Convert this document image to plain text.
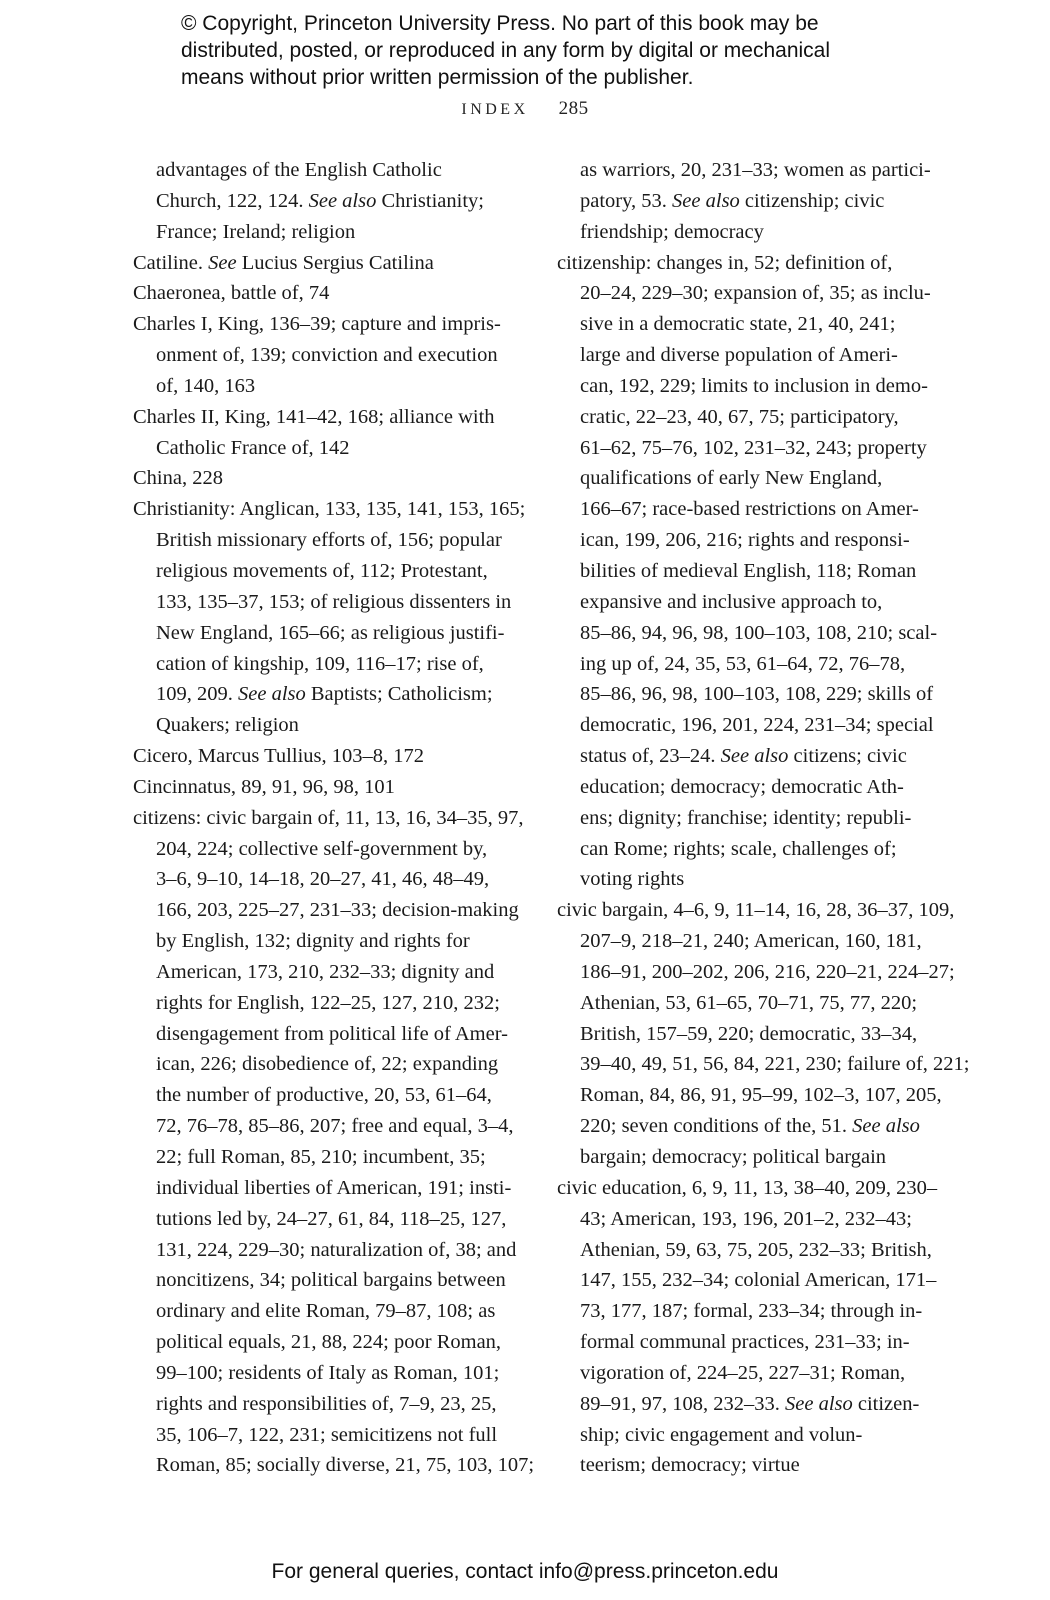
© Copyright, Princeton University Press. No part of this book may be
distributed, posted, or reproduced in any form by digital or mechanical
means without prior written permission of the publisher.
INDEX 285
advantages of the English Catholic
Church, 122, 124. See also Christianity;
France; Ireland; religion
Catiline. See Lucius Sergius Catilina
Chaeronea, battle of, 74
Charles I, King, 136–39; capture and impris-
onment of, 139; conviction and execution
of, 140, 163
Charles II, King, 141–42, 168; alliance with
Catholic France of, 142
China, 228
Christianity: Anglican, 133, 135, 141, 153, 165;
British missionary efforts of, 156; popular
religious movements of, 112; Protestant,
133, 135–37, 153; of religious dissenters in
New England, 165–66; as religious justifi-
cation of kingship, 109, 116–17; rise of,
109, 209. See also Baptists; Catholicism;
Quakers; religion
Cicero, Marcus Tullius, 103–8, 172
Cincinnatus, 89, 91, 96, 98, 101
citizens: civic bargain of, 11, 13, 16, 34–35, 97,
204, 224; collective self-government by,
3–6, 9–10, 14–18, 20–27, 41, 46, 48–49,
166, 203, 225–27, 231–33; decision-making
by English, 132; dignity and rights for
American, 173, 210, 232–33; dignity and
rights for English, 122–25, 127, 210, 232;
disengagement from political life of Amer-
ican, 226; disobedience of, 22; expanding
the number of productive, 20, 53, 61–64,
72, 76–78, 85–86, 207; free and equal, 3–4,
22; full Roman, 85, 210; incumbent, 35;
individual liberties of American, 191; insti-
tutions led by, 24–27, 61, 84, 118–25, 127,
131, 224, 229–30; naturalization of, 38; and
noncitizens, 34; political bargains between
ordinary and elite Roman, 79–87, 108; as
political equals, 21, 88, 224; poor Roman,
99–100; residents of Italy as Roman, 101;
rights and responsibilities of, 7–9, 23, 25,
35, 106–7, 122, 231; semicitizens not full
Roman, 85; socially diverse, 21, 75, 103, 107;
as warriors, 20, 231–33; women as partici-
patory, 53. See also citizenship; civic
friendship; democracy
citizenship: changes in, 52; definition of,
20–24, 229–30; expansion of, 35; as inclu-
sive in a democratic state, 21, 40, 241;
large and diverse population of Ameri-
can, 192, 229; limits to inclusion in demo-
cratic, 22–23, 40, 67, 75; participatory,
61–62, 75–76, 102, 231–32, 243; property
qualifications of early New England,
166–67; race-based restrictions on Amer-
ican, 199, 206, 216; rights and responsi-
bilities of medieval English, 118; Roman
expansive and inclusive approach to,
85–86, 94, 96, 98, 100–103, 108, 210; scal-
ing up of, 24, 35, 53, 61–64, 72, 76–78,
85–86, 96, 98, 100–103, 108, 229; skills of
democratic, 196, 201, 224, 231–34; special
status of, 23–24. See also citizens; civic
education; democracy; democratic Ath-
ens; dignity; franchise; identity; republi-
can Rome; rights; scale, challenges of;
voting rights
civic bargain, 4–6, 9, 11–14, 16, 28, 36–37, 109,
207–9, 218–21, 240; American, 160, 181,
186–91, 200–202, 206, 216, 220–21, 224–27;
Athenian, 53, 61–65, 70–71, 75, 77, 220;
British, 157–59, 220; democratic, 33–34,
39–40, 49, 51, 56, 84, 221, 230; failure of, 221;
Roman, 84, 86, 91, 95–99, 102–3, 107, 205,
220; seven conditions of the, 51. See also
bargain; democracy; political bargain
civic education, 6, 9, 11, 13, 38–40, 209, 230–
43; American, 193, 196, 201–2, 232–43;
Athenian, 59, 63, 75, 205, 232–33; British,
147, 155, 232–34; colonial American, 171–
73, 177, 187; formal, 233–34; through in-
formal communal practices, 231–33; in-
vigoration of, 224–25, 227–31; Roman,
89–91, 97, 108, 232–33. See also citizen-
ship; civic engagement and volun-
teerism; democracy; virtue
For general queries, contact info@press.princeton.edu
